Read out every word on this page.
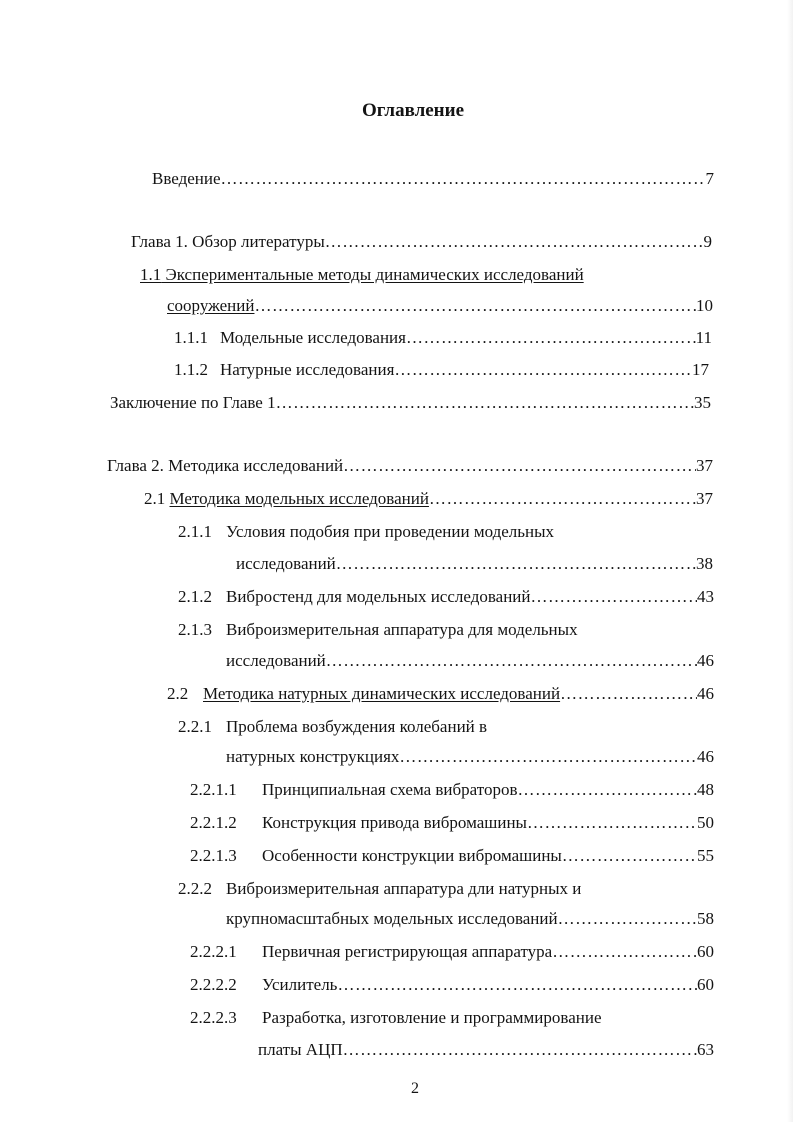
Оглавление
Введение ……………………………………………………………………………………………………………………………………………	7
Глава 1. Обзор литературы ……………………………………………………………………………………………………………………………………………	9
1.1 Экспериментальные методы динамических исследований
сооружений ……………………………………………………………………………………………………………………………………………	10
1.1.1 Модельные исследования ……………………………………………………………………………………………………………………………………………	11
1.1.2 Натурные исследования ……………………………………………………………………………………………………………………………………………	17
Заключение по Главе 1 ……………………………………………………………………………………………………………………………………………	35
Глава 2. Методика исследований ……………………………………………………………………………………………………………………………………………	37
2.1 Методика модельных исследований ……………………………………………………………………………………………………………………………………………	37
2.1.1 Условия подобия при проведении модельных
исследований ……………………………………………………………………………………………………………………………………………	38
2.1.2 Вибростенд для модельных исследований ……………………………………………………………………………………………………………………………………………	43
2.1.3 Виброизмерительная аппаратура для модельных
исследований ……………………………………………………………………………………………………………………………………………	46
2.2 Методика натурных динамических исследований ……………………………………………………………………………………………………………………………………………	46
2.2.1 Проблема возбуждения колебаний в
натурных конструкциях ……………………………………………………………………………………………………………………………………………	46
2.2.1.1 Принципиальная схема вибраторов ……………………………………………………………………………………………………………………………………………	48
2.2.1.2 Конструкция привода вибромашины ……………………………………………………………………………………………………………………………………………	50
2.2.1.3 Особенности конструкции вибромашины ……………………………………………………………………………………………………………………………………………	55
2.2.2 Виброизмерительная аппаратура дли натурных и
крупномасштабных модельных исследований ……………………………………………………………………………………………………………………………………………	58
2.2.2.1 Первичная регистрирующая аппаратура ……………………………………………………………………………………………………………………………………………	60
2.2.2.2 Усилитель ……………………………………………………………………………………………………………………………………………	60
2.2.2.3 Разработка, изготовление и программирование
платы АЦП ……………………………………………………………………………………………………………………………………………	63
2
